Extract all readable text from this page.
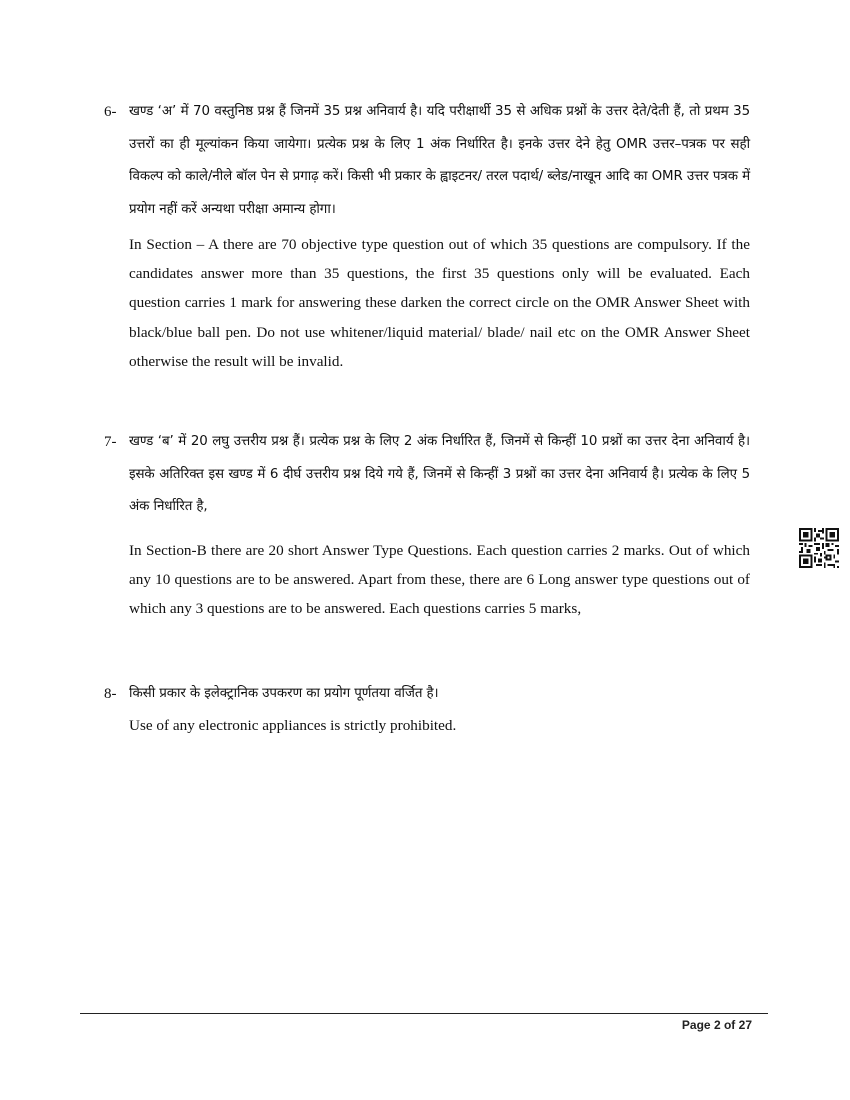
6- खण्ड ‘अ’ में 70 वस्तुनिष्ठ प्रश्न हैं जिनमें 35 प्रश्न अनिवार्य है। यदि परीक्षार्थी 35 से अधिक प्रश्नों के उत्तर देते/देती हैं, तो प्रथम 35 उत्तरों का ही मूल्यांकन किया जायेगा। प्रत्येक प्रश्न के लिए 1 अंक निर्धारित है। इनके उत्तर देने हेतु OMR उत्तर–पत्रक पर सही विकल्प को काले/नीले बॉल पेन से प्रगाढ़ करें। किसी भी प्रकार के ह्वाइटनर/ तरल पदार्थ/ ब्लेड/नाखून आदि का OMR उत्तर पत्रक में प्रयोग नहीं करें अन्यथा परीक्षा अमान्य होगा।
In Section – A there are 70 objective type question out of which 35 questions are compulsory. If the candidates answer more than 35 questions, the first 35 questions only will be evaluated. Each question carries 1 mark for answering these darken the correct circle on the OMR Answer Sheet with black/blue ball pen. Do not use whitener/liquid material/ blade/ nail etc on the OMR Answer Sheet otherwise the result will be invalid.
7- खण्ड ‘ब’ में 20 लघु उत्तरीय प्रश्न हैं। प्रत्येक प्रश्न के लिए 2 अंक निर्धारित हैं, जिनमें से किन्हीं 10 प्रश्नों का उत्तर देना अनिवार्य है। इसके अतिरिक्त इस खण्ड में 6 दीर्घ उत्तरीय प्रश्न दिये गये हैं, जिनमें से किन्हीं 3 प्रश्नों का उत्तर देना अनिवार्य है। प्रत्येक के लिए 5 अंक निर्धारित है,
In Section-B there are 20 short Answer Type Questions. Each question carries 2 marks. Out of which any 10 questions are to be answered. Apart from these, there are 6 Long answer type questions out of which any 3 questions are to be answered. Each questions carries 5 marks,
8- किसी प्रकार के इलेक्ट्रानिक उपकरण का प्रयोग पूर्णतया वर्जित है।
Use of any electronic appliances is strictly prohibited.
Page 2 of 27
